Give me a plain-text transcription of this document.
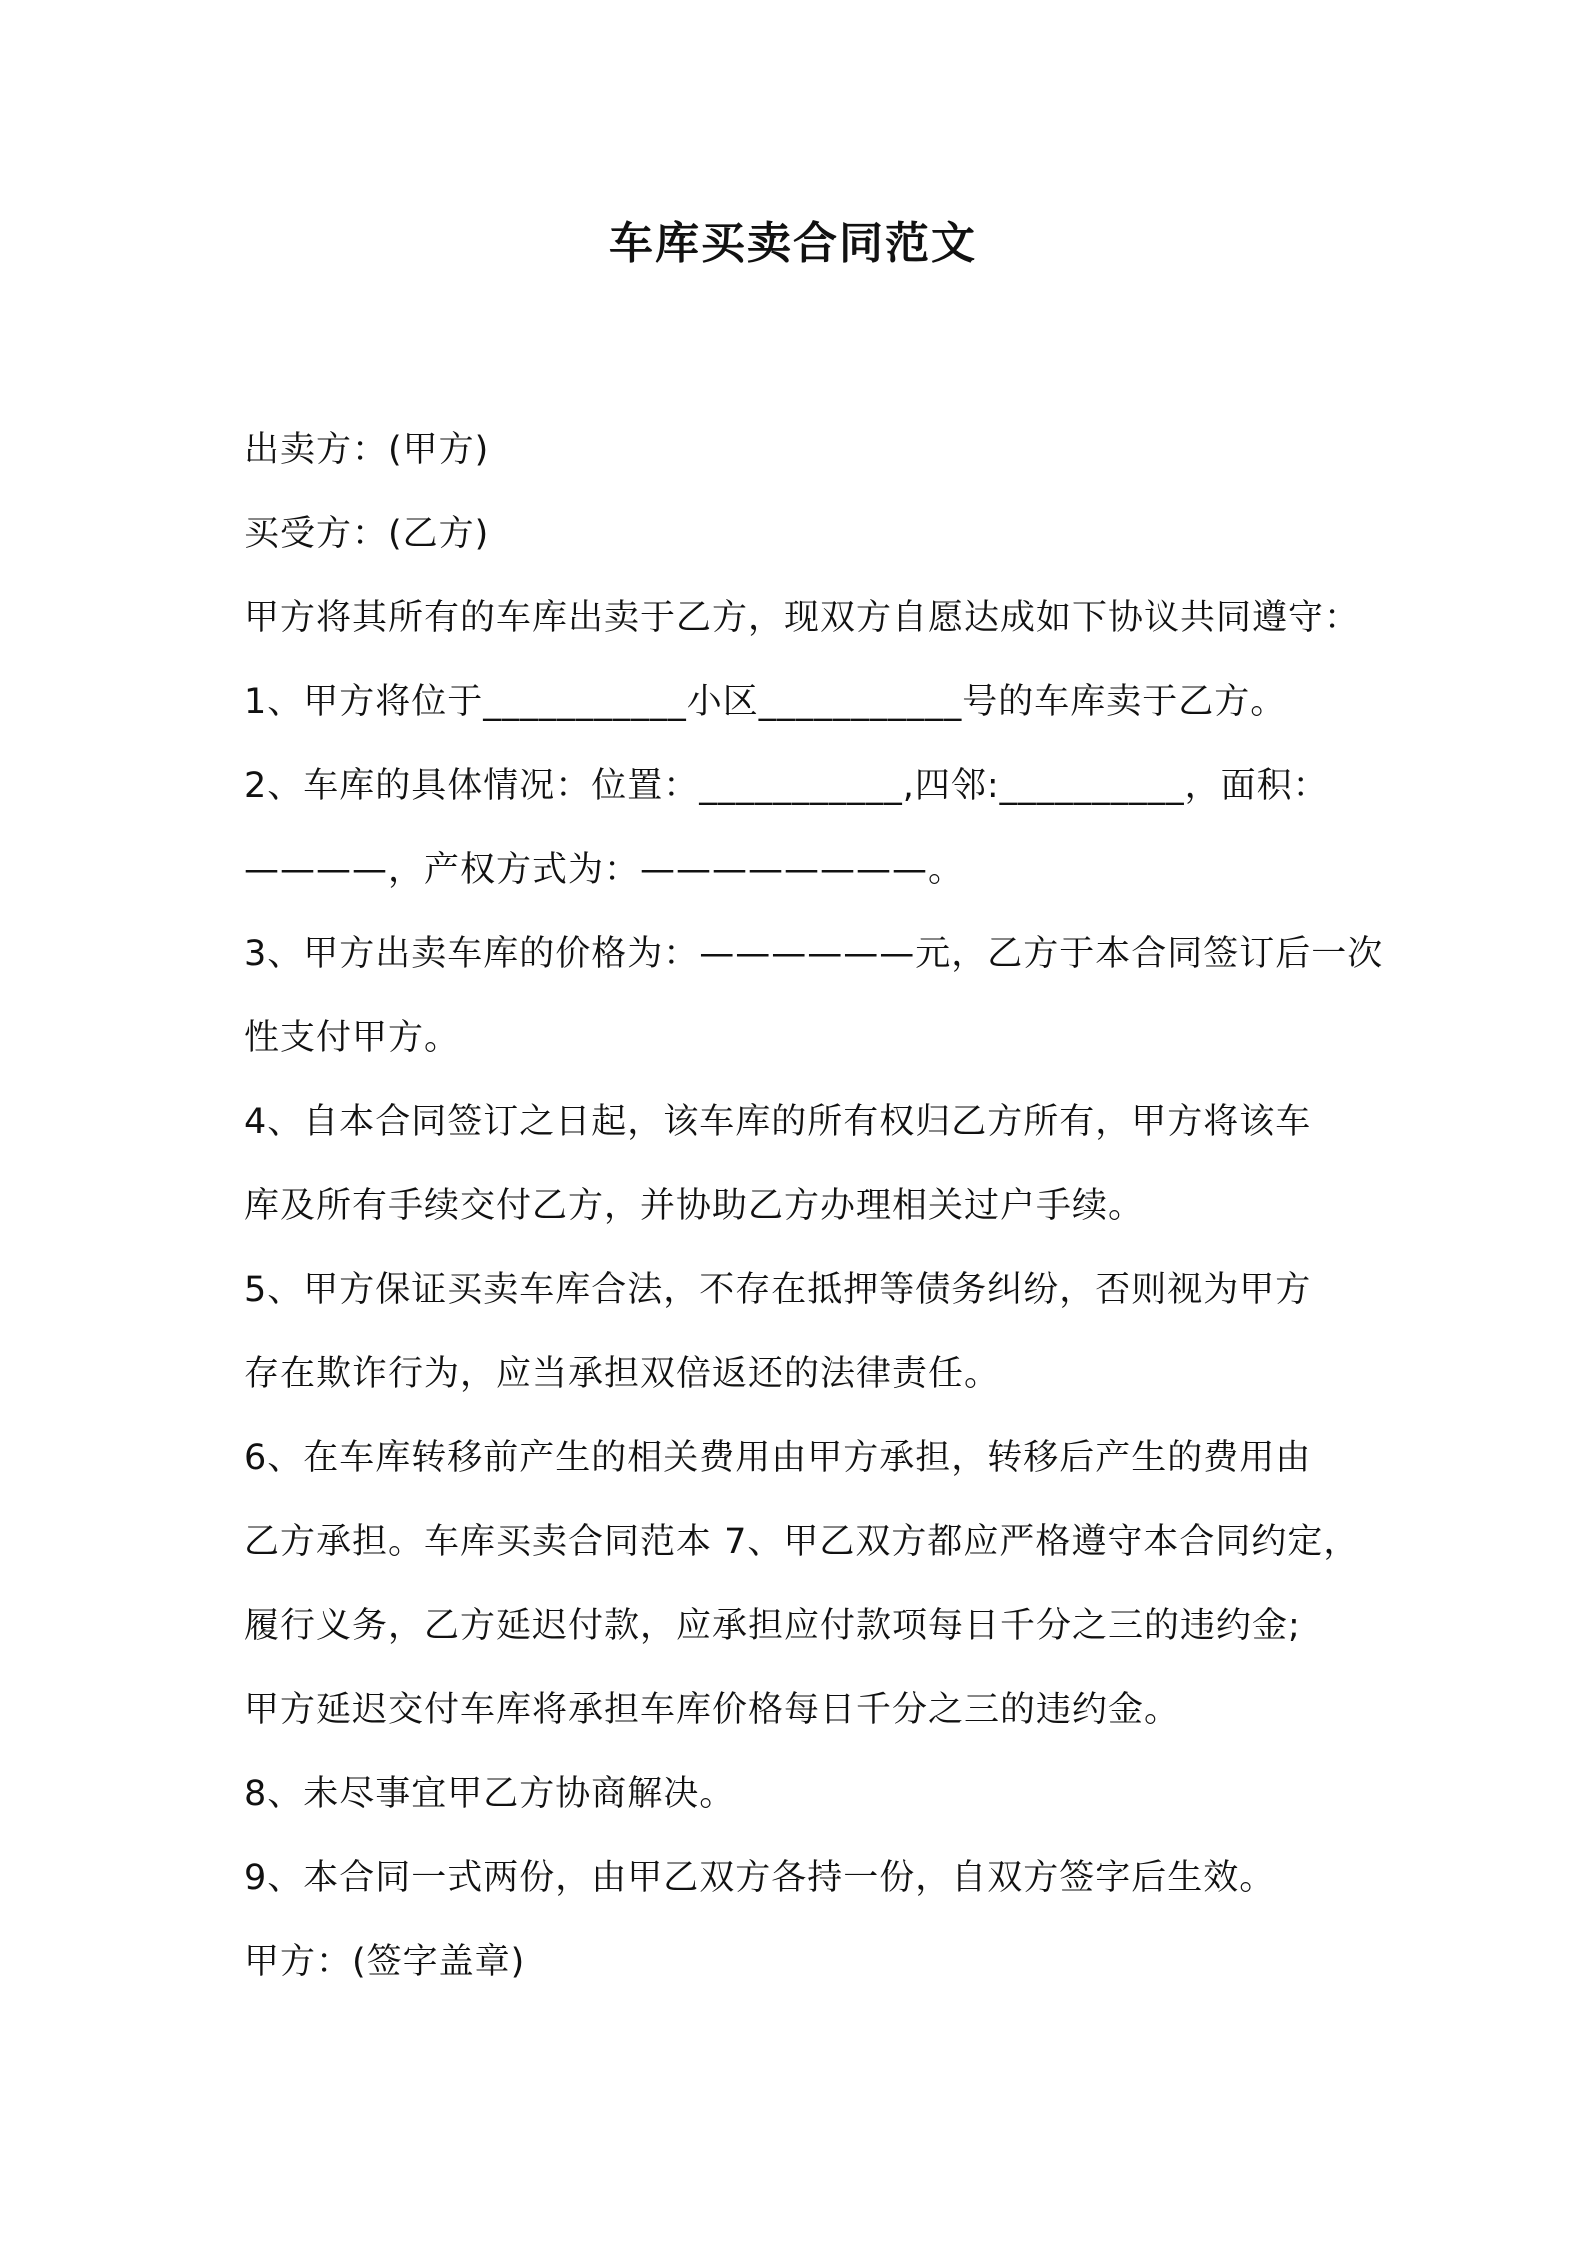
车库买卖合同范文
出卖方：(甲方)
买受方：(乙方)
甲方将其所有的车库出卖于乙方，现双方自愿达成如下协议共同遵守：
1、甲方将位于___________小区___________号的车库卖于乙方。
2、车库的具体情况：位置：___________,四邻:__________，面积：
————，产权方式为：————————。
3、甲方出卖车库的价格为：——————元，乙方于本合同签订后一次
性支付甲方。
4、自本合同签订之日起，该车库的所有权归乙方所有，甲方将该车
库及所有手续交付乙方，并协助乙方办理相关过户手续。
5、甲方保证买卖车库合法，不存在抵押等债务纠纷，否则视为甲方
存在欺诈行为，应当承担双倍返还的法律责任。
6、在车库转移前产生的相关费用由甲方承担，转移后产生的费用由
乙方承担。车库买卖合同范本 7、甲乙双方都应严格遵守本合同约定，
履行义务，乙方延迟付款，应承担应付款项每日千分之三的违约金;
甲方延迟交付车库将承担车库价格每日千分之三的违约金。
8、未尽事宜甲乙方协商解决。
9、本合同一式两份，由甲乙双方各持一份，自双方签字后生效。
甲方：(签字盖章)
